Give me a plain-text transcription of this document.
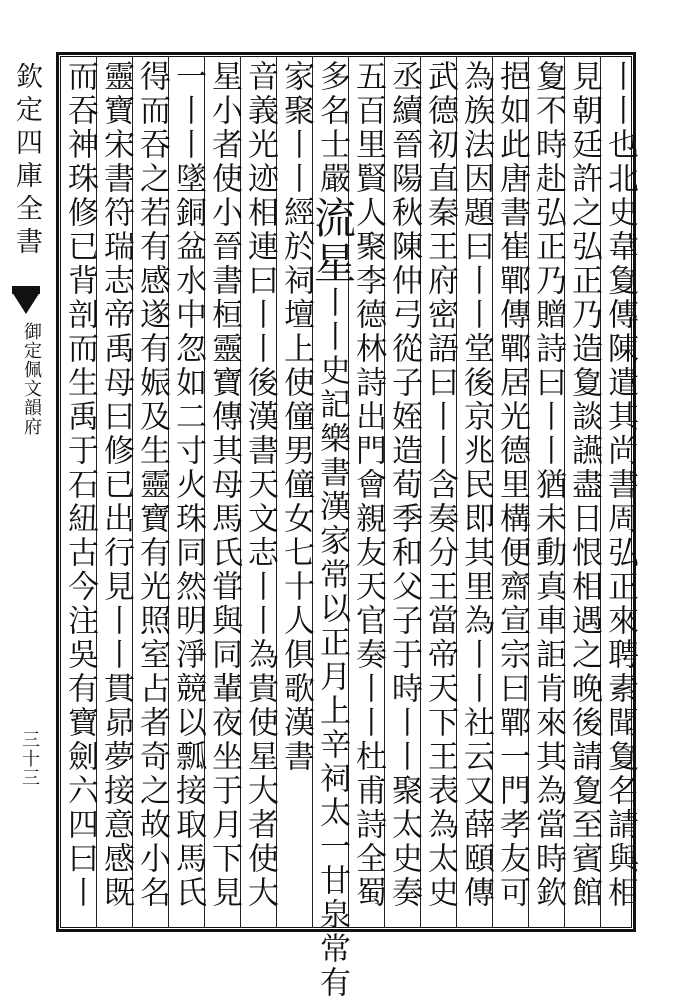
欽定四庫全書
御定佩文韻府
三十三	丨丨也北史韋夐傳陳遣其尚書周弘正來聘素聞夐名請與相
見朝廷許之弘正乃造夐談讌盡日恨相遇之晚後請夐至賓館
夐不時赴弘正乃贈詩曰丨丨猶未動真車詎肯來其為當時欽
挹如此唐書崔鄲傳鄲居光德里構便齋宣宗曰鄲一門孝友可
為族法因題曰丨丨堂後京兆民即其里為丨丨社云又薛頤傳
武德初直秦王府密語曰丨丨含奏分王當帝天下王表為太史
丞續晉陽秋陳仲弓從子姪造荀季和父子于時丨丨聚太史奏
五百里賢人聚李德林詩出門會親友天官奏丨丨杜甫詩全蜀
多名士嚴流星丨丨史記樂書漢家常以正月上辛祠太一甘泉常有
家聚丨丨經於祠壇上使僮男僮女七十人俱歌漢書
音義光迹相連曰丨丨後漢書天文志丨丨為貴使星大者使大
星小者使小晉書桓靈寶傳其母馬氏甞與同輩夜坐于月下見
一丨丨墜銅盆水中忽如二寸火珠同然明淨競以瓢接取馬氏
得而吞之若有感遂有娠及生靈寶有光照室占者奇之故小名
靈寶宋書符瑞志帝禹母曰修已出行見丨丨貫昴夢接意感既
而吞神珠修已背剖而生禹于石紐古今注吳有寶劍六四曰丨
